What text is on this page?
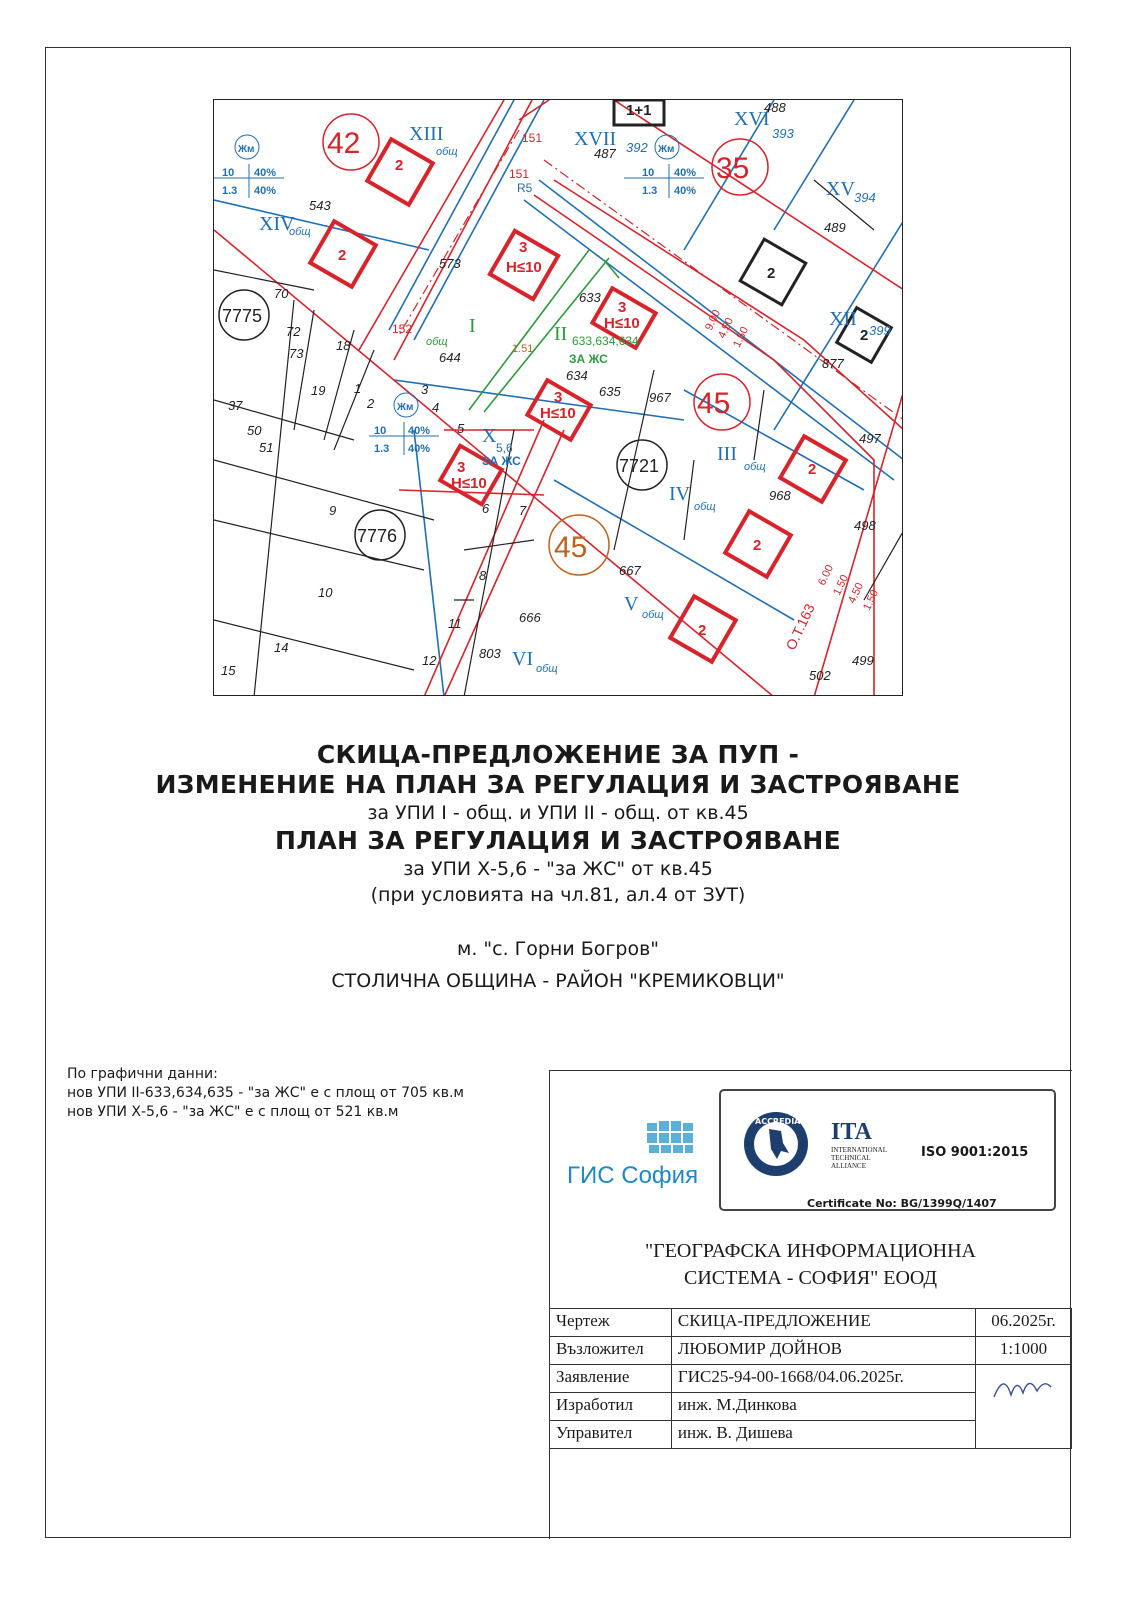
42
35
45
45
7775
7721
7776
XIII
XIV
XVII
XVI
XV
XII
I	II
III
IV
V
VI
X
488
487 392
393
394
543
573
489
633
644
634
635 967
968
498
497
399
877
667
666
803	499
502
70
72
73
18
19
37
50
51
9
10
14
15
11
12
8
7
6
5
4
3
2
1
2
2	3
Н≤10
3
Н≤10
3
Н≤10
3
Н≤10
2
2
2
1+1
2
2
Жм
10 40%
1.3 40%
Жм
10 40%
1.3 40%
Жм
10 40%
1.3 40%
ЗА ЖС
633,634,634
ЗА ЖС
5,6
О.Т.163
151
151
152
R5
1.51
9.00
4.50
1.50
6.00
1.50
4.50
1.50
общ
общ
общ
общ
общ
общ
общ
СКИЦА-ПРЕДЛОЖЕНИЕ ЗА ПУП -
ИЗМЕНЕНИЕ НА ПЛАН ЗА РЕГУЛАЦИЯ И ЗАСТРОЯВАНЕ
за УПИ I - общ. и УПИ II - общ. от кв.45
ПЛАН ЗА РЕГУЛАЦИЯ И ЗАСТРОЯВАНЕ
за УПИ Х-5,6 - "за ЖС" от кв.45
(при условията на чл.81, ал.4 от ЗУТ)
м. "с. Горни Богров"
СТОЛИЧНА ОБЩИНА - РАЙОН "КРЕМИКОВЦИ"
По графични данни:
нов УПИ II-633,634,635 - "за ЖС" е с площ от 705 кв.м
нов УПИ Х-5,6 - "за ЖС" е с площ от 521 кв.м
ГИС София
ACCREDIA ITA
INTERNATIONAL TECHNICAL ALLIANCE
ISO 9001:2015
Certificate No: BG/1399Q/1407
"ГЕОГРАФСКА ИНФОРМАЦИОННА
СИСТЕМА - СОФИЯ" ЕООД
Чертеж	СКИЦА-ПРЕДЛОЖЕНИЕ	06.2025г.
Възложител	ЛЮБОМИР ДОЙНОВ	1:1000
Заявление	ГИС25-94-00-1668/04.06.2025г.	
Изработил	инж. М.Динкова	
Управител	инж. В. Дишева	
